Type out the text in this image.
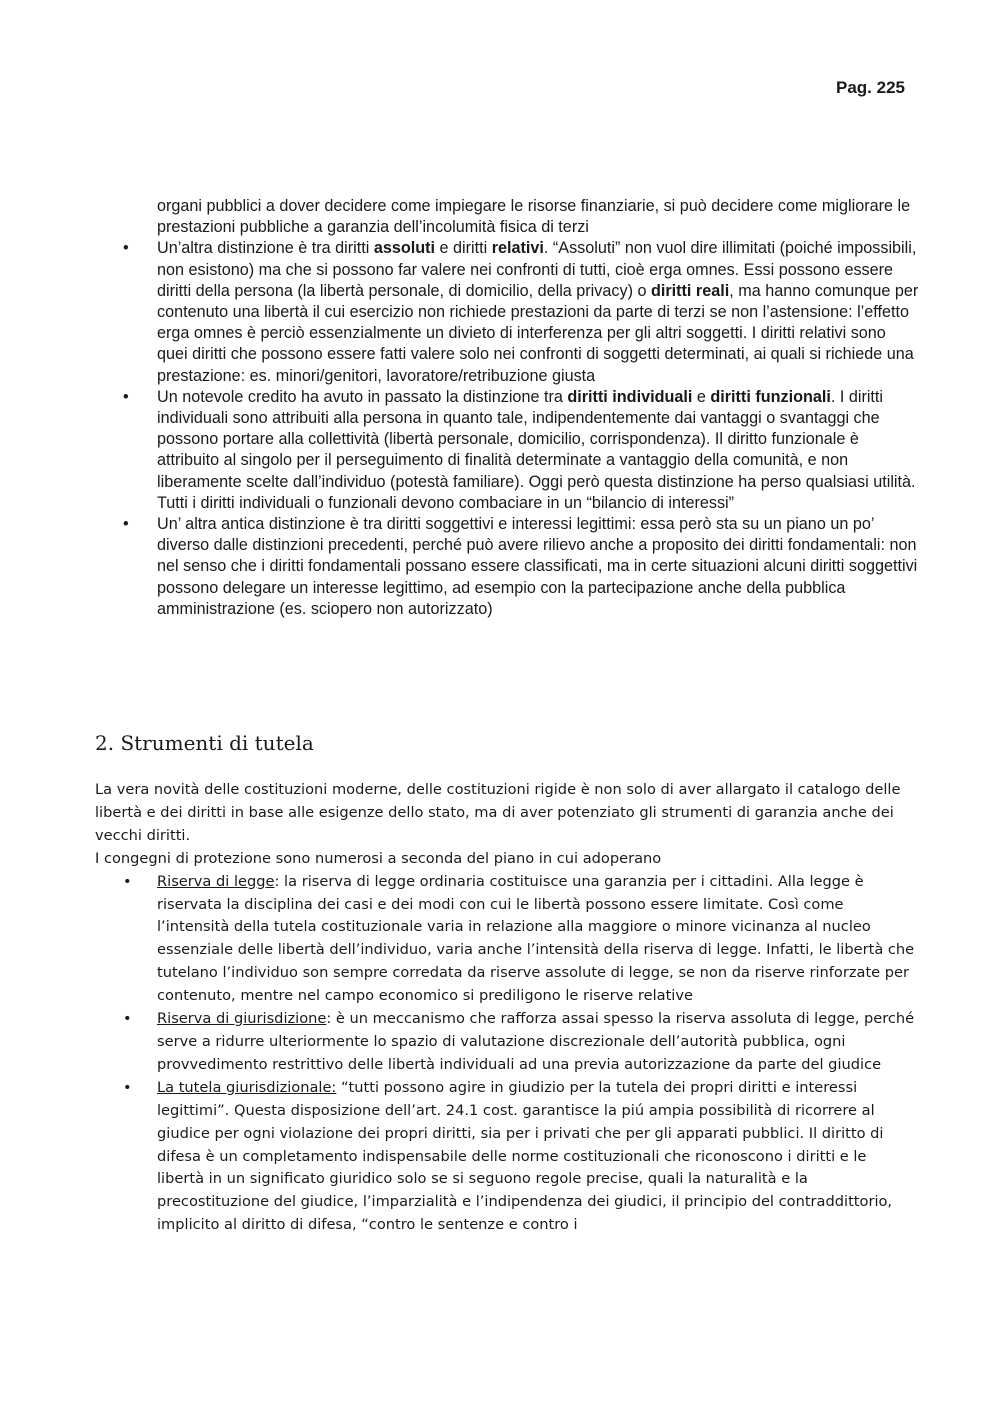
Pag. 225

organi pubblici a dover decidere come impiegare le risorse finanziarie, si può decidere come migliorare le prestazioni pubbliche a garanzia dell’incolumità fisica di terzi

•	Un’altra distinzione è tra diritti assoluti e diritti relativi. “Assoluti” non vuol dire illimitati (poiché impossibili, non esistono) ma che si possono far valere nei confronti di tutti, cioè erga omnes. Essi possono essere diritti della persona (la libertà personale, di domicilio, della privacy) o diritti reali, ma hanno comunque per contenuto una libertà il cui esercizio non richiede prestazioni da parte di terzi se non l’astensione: l’effetto erga omnes è perciò essenzialmente un divieto di interferenza per gli altri soggetti. I diritti relativi sono quei diritti che possono essere fatti valere solo nei confronti di soggetti determinati, ai quali si richiede una prestazione: es. minori/genitori, lavoratore/retribuzione giusta
•	Un notevole credito ha avuto in passato la distinzione tra diritti individuali e diritti funzionali. I diritti individuali sono attribuiti alla persona in quanto tale, indipendentemente dai vantaggi o svantaggi che possono portare alla collettività (libertà personale, domicilio, corrispondenza). Il diritto funzionale è attribuito al singolo per il perseguimento di finalità determinate a vantaggio della comunità, e non liberamente scelte dall’individuo (potestà familiare). Oggi però questa distinzione ha perso qualsiasi utilità. Tutti i diritti individuali o funzionali devono combaciare in un “bilancio di interessi”
•	Un’ altra antica distinzione è tra diritti soggettivi e interessi legittimi: essa però sta su un piano un po’ diverso dalle distinzioni precedenti, perché può avere rilievo anche a proposito dei diritti fondamentali: non nel senso che i diritti fondamentali possano essere classificati, ma in certe situazioni alcuni diritti soggettivi possono delegare un interesse legittimo, ad esempio con la partecipazione anche della pubblica amministrazione (es. sciopero non autorizzato)
2. Strumenti di tutela

La vera novità delle costituzioni moderne, delle costituzioni rigide è non solo di aver allargato il catalogo delle libertà e dei diritti in base alle esigenze dello stato, ma di aver potenziato gli strumenti di garanzia anche dei vecchi diritti.

I congegni di protezione sono numerosi a seconda del piano in cui adoperano

• Riserva di legge: la riserva di legge ordinaria costituisce una garanzia per i cittadini. Alla legge è riservata la disciplina dei casi e dei modi con cui le libertà possono essere limitate. Così come l’intensità della tutela costituzionale varia in relazione alla maggiore o minore vicinanza al nucleo essenziale delle libertà dell’individuo, varia anche l’intensità della riserva di legge. Infatti, le libertà che tutelano l’individuo son sempre corredata da riserve assolute di legge, se non da riserve rinforzate per contenuto, mentre nel campo economico si prediligono le riserve relative
• Riserva di giurisdizione: è un meccanismo che rafforza assai spesso la riserva assoluta di legge, perché serve a ridurre ulteriormente lo spazio di valutazione discrezionale dell’autorità pubblica, ogni provvedimento restrittivo delle libertà individuali ad una previa autorizzazione da parte del giudice
• La tutela giurisdizionale: “tutti possono agire in giudizio per la tutela dei propri diritti e interessi legittimi”. Questa disposizione dell’art. 24.1 cost. garantisce la piú ampia possibilità di ricorrere al giudice per ogni violazione dei propri diritti, sia per i privati che per gli apparati pubblici. Il diritto di difesa è un completamento indispensabile delle norme costituzionali che riconoscono i diritti e le libertà in un significato giuridico solo se si seguono regole precise, quali la naturalità e la precostituzione del giudice, l’imparzialità e l’indipendenza dei giudici, il principio del contraddittorio, implicito al diritto di difesa, “contro le sentenze e contro i
